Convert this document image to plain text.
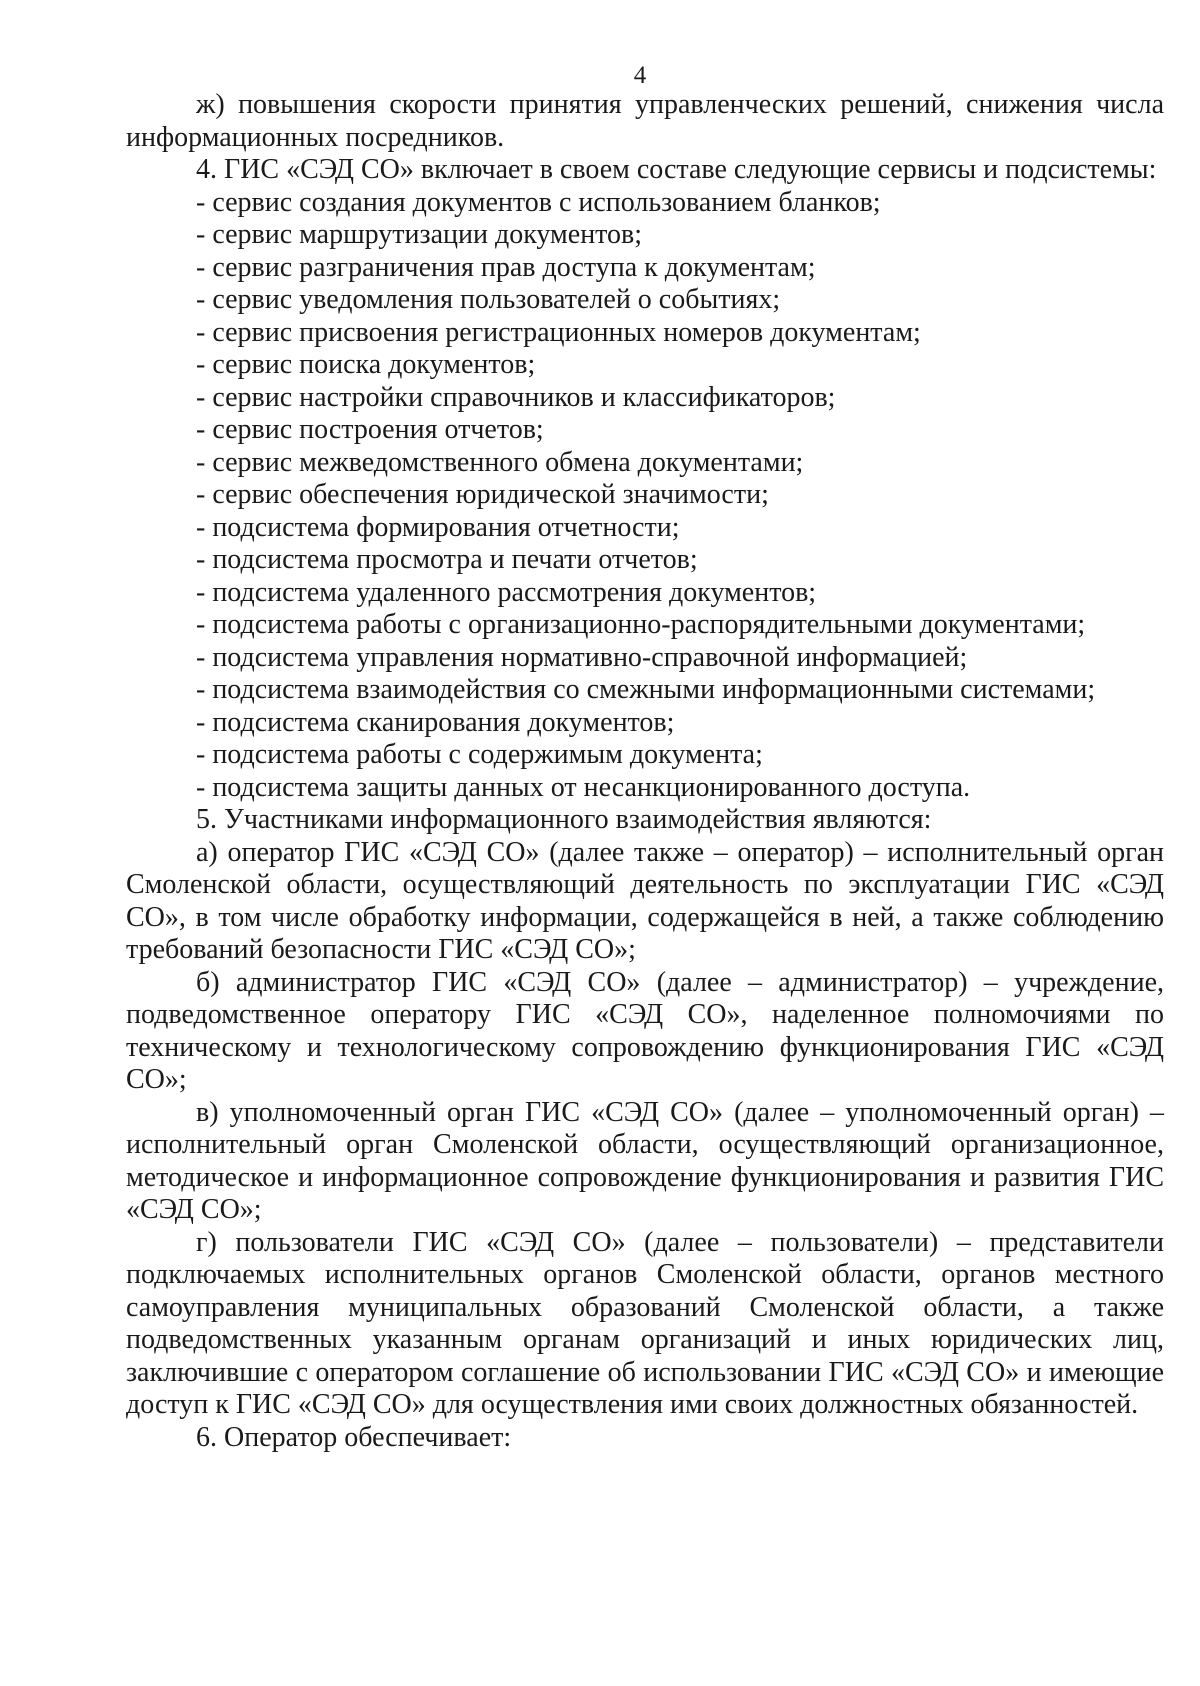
4

ж) повышения скорости принятия управленческих решений, снижения числа информационных посредников.

4. ГИС «СЭД СО» включает в своем составе следующие сервисы и подсистемы:

- сервис создания документов с использованием бланков;

- сервис маршрутизации документов;

- сервис разграничения прав доступа к документам;

- сервис уведомления пользователей о событиях;

- сервис присвоения регистрационных номеров документам;

- сервис поиска документов;

- сервис настройки справочников и классификаторов;

- сервис построения отчетов;

- сервис межведомственного обмена документами;

- сервис обеспечения юридической значимости;

- подсистема формирования отчетности;

- подсистема просмотра и печати отчетов;

- подсистема удаленного рассмотрения документов;

- подсистема работы с организационно-распорядительными документами;

- подсистема управления нормативно-справочной информацией;

- подсистема взаимодействия со смежными информационными системами;

- подсистема сканирования документов;

- подсистема работы с содержимым документа;

- подсистема защиты данных от несанкционированного доступа.

5. Участниками информационного взаимодействия являются:

а) оператор ГИС «СЭД СО» (далее также – оператор) – исполнительный орган Смоленской области, осуществляющий деятельность по эксплуатации ГИС «СЭД СО», в том числе обработку информации, содержащейся в ней, а также соблюдению требований безопасности ГИС «СЭД СО»;

б) администратор ГИС «СЭД СО» (далее – администратор) – учреждение, подведомственное оператору ГИС «СЭД СО», наделенное полномочиями по техническому и технологическому сопровождению функционирования ГИС «СЭД СО»;

в) уполномоченный орган ГИС «СЭД СО» (далее – уполномоченный орган) – исполнительный орган Смоленской области, осуществляющий организационное, методическое и информационное сопровождение функционирования и развития ГИС «СЭД СО»;

г) пользователи ГИС «СЭД СО» (далее – пользователи) – представители подключаемых исполнительных органов Смоленской области, органов местного самоуправления муниципальных образований Смоленской области, а также подведомственных указанным органам организаций и иных юридических лиц, заключившие с оператором соглашение об использовании ГИС «СЭД СО» и имеющие доступ к ГИС «СЭД СО» для осуществления ими своих должностных обязанностей.

6. Оператор обеспечивает:
